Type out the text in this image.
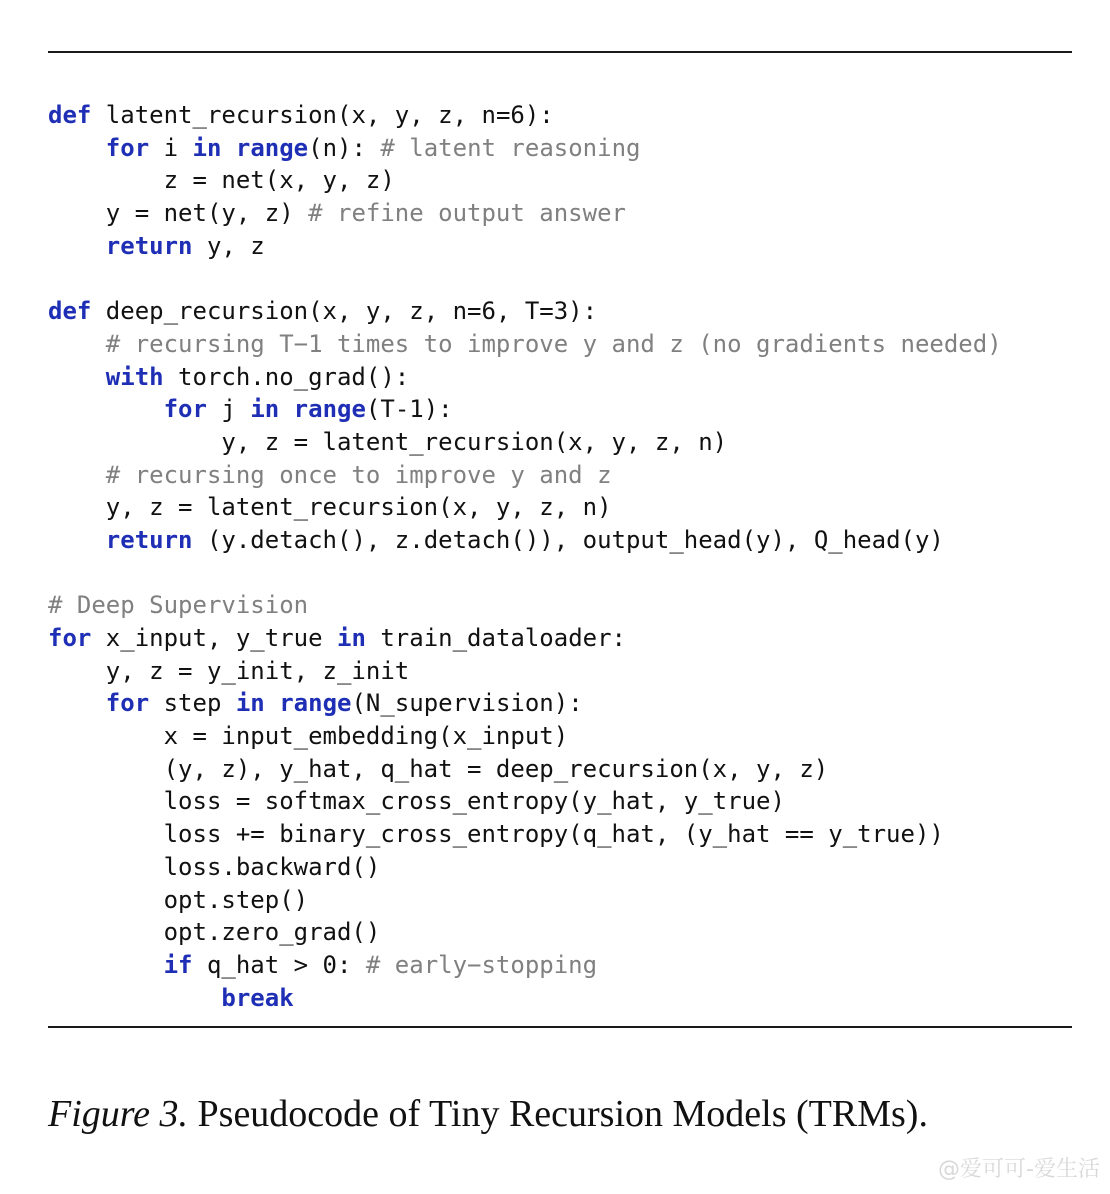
def latent_recursion(x, y, z, n=6):
for i in range(n): # latent reasoning
z = net(x, y, z)
y = net(y, z) # refine output answer
return y, z
def deep_recursion(x, y, z, n=6, T=3):
# recursing T−1 times to improve y and z (no gradients needed)
with torch.no_grad():
for j in range(T-1):
y, z = latent_recursion(x, y, z, n)
# recursing once to improve y and z
y, z = latent_recursion(x, y, z, n)
return (y.detach(), z.detach()), output_head(y), Q_head(y)
# Deep Supervision
for x_input, y_true in train_dataloader:
y, z = y_init, z_init
for step in range(N_supervision):
x = input_embedding(x_input)
(y, z), y_hat, q_hat = deep_recursion(x, y, z)
loss = softmax_cross_entropy(y_hat, y_true)
loss += binary_cross_entropy(q_hat, (y_hat == y_true))
loss.backward()
opt.step()
opt.zero_grad()
if q_hat > 0: # early−stopping
break
Figure 3. Pseudocode of Tiny Recursion Models (TRMs).
@爱可可-爱生活
